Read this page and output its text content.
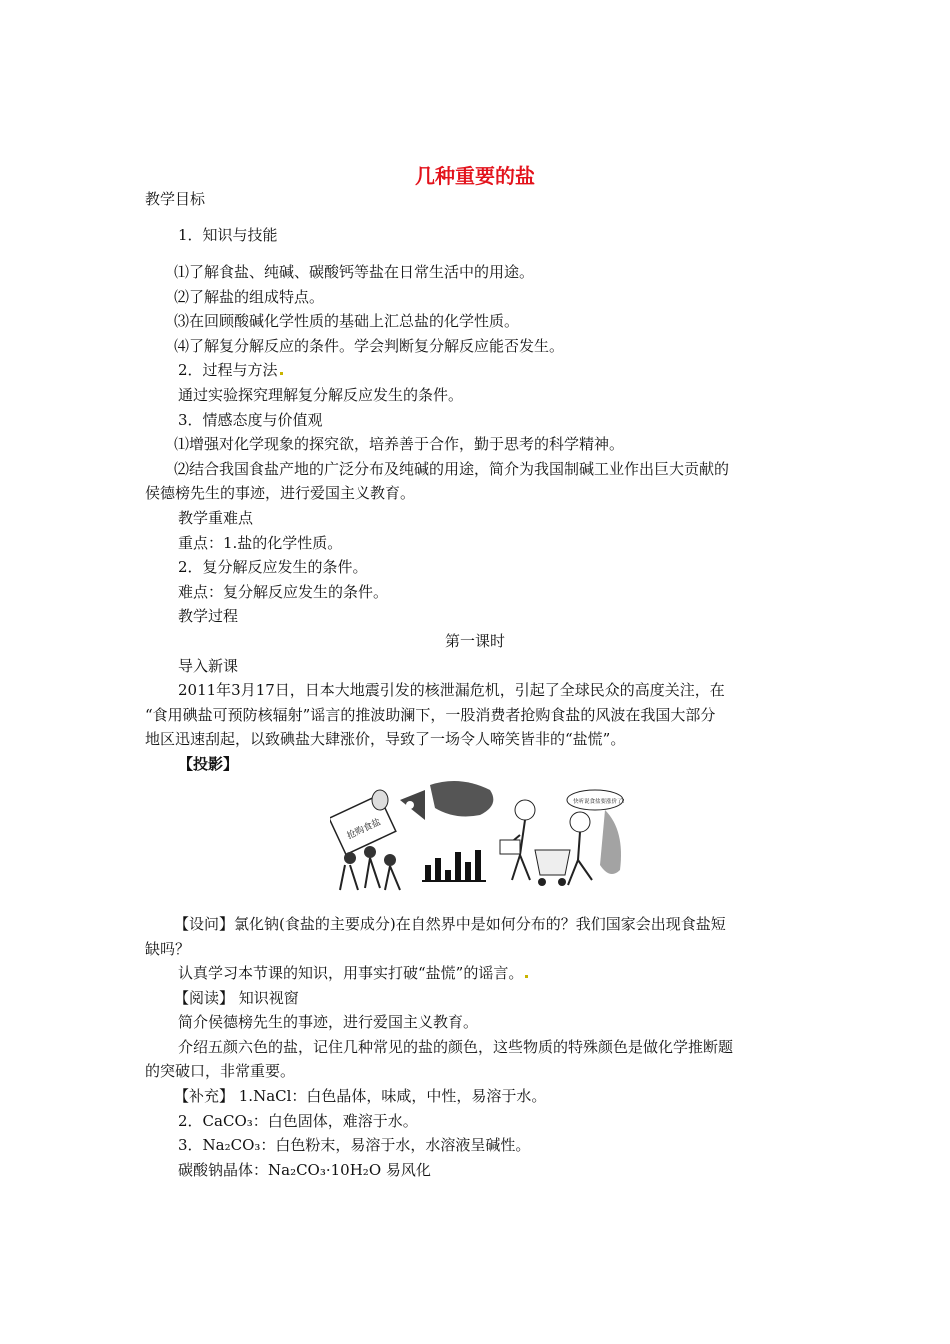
几种重要的盐
教学目标
1．知识与技能
⑴了解食盐、纯碱、碳酸钙等盐在日常生活中的用途。
⑵了解盐的组成特点。
⑶在回顾酸碱化学性质的基础上汇总盐的化学性质。
⑷了解复分解反应的条件。学会判断复分解反应能否发生。
2．过程与方法
通过实验探究理解复分解反应发生的条件。
3．情感态度与价值观
⑴增强对化学现象的探究欲，培养善于合作，勤于思考的科学精神。
⑵结合我国食盐产地的广泛分布及纯碱的用途，简介为我国制碱工业作出巨大贡献的
侯德榜先生的事迹，进行爱国主义教育。
教学重难点
重点：1.盐的化学性质。
2．复分解反应发生的条件。
难点：复分解反应发生的条件。
教学过程
第一课时
导入新课
2011年3月17日，日本大地震引发的核泄漏危机，引起了全球民众的高度关注，在
“食用碘盐可预防核辐射”谣言的推波助澜下，一股消费者抢购食盐的风波在我国大部分
地区迅速刮起，以致碘盐大肆涨价，导致了一场令人啼笑皆非的“盐慌”。
【投影】
抢购食盐
快听说食盐要涨价了!
【设问】氯化钠(食盐的主要成分)在自然界中是如何分布的？我们国家会出现食盐短
缺吗？
认真学习本节课的知识，用事实打破“盐慌”的谣言。
【阅读】 知识视窗
简介侯德榜先生的事迹，进行爱国主义教育。
介绍五颜六色的盐，记住几种常见的盐的颜色，这些物质的特殊颜色是做化学推断题
的突破口，非常重要。
【补充】 1.NaCl：白色晶体，味咸，中性，易溶于水。
2．CaCO₃：白色固体，难溶于水。
3．Na₂CO₃：白色粉末，易溶于水，水溶液呈碱性。
碳酸钠晶体：Na₂CO₃·10H₂O 易风化
